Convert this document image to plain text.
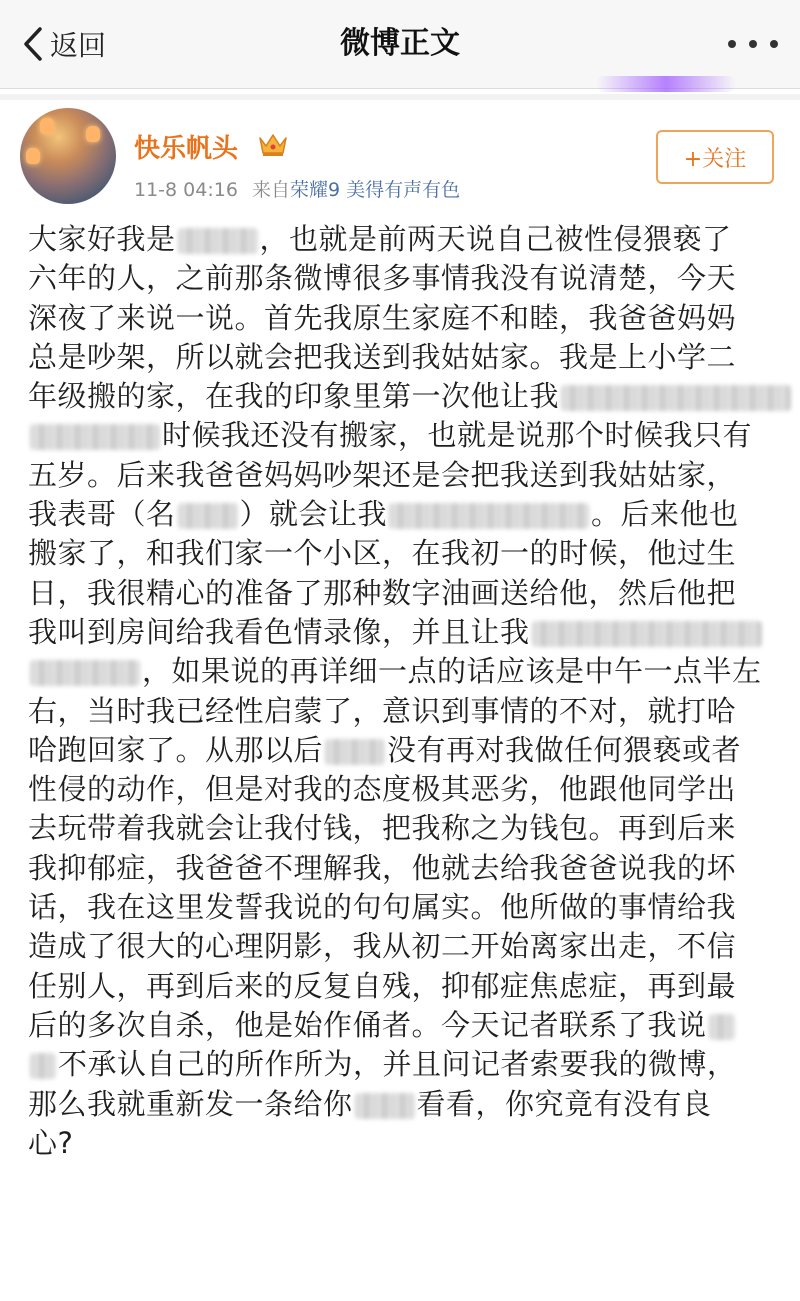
返回	微博正文
快乐帆头
11-8 04:16 来自荣耀9 美得有声有色
+关注
大家好我是	，也就是前两天说自己被性侵猥亵了
六年的人，之前那条微博很多事情我没有说清楚，今天
深夜了来说一说。首先我原生家庭不和睦，我爸爸妈妈
总是吵架，所以就会把我送到我姑姑家。我是上小学二
年级搬的家，在我的印象里第一次他让我
时候我还没有搬家，也就是说那个时候我只有
五岁。后来我爸爸妈妈吵架还是会把我送到我姑姑家，
我表哥（名 ）就会让我	。后来他也
搬家了，和我们家一个小区，在我初一的时候，他过生
日，我很精心的准备了那种数字油画送给他，然后他把
我叫到房间给我看色情录像，并且让我
，如果说的再详细一点的话应该是中午一点半左
右，当时我已经性启蒙了，意识到事情的不对，就打哈
哈跑回家了。从那以后 没有再对我做任何猥亵或者
性侵的动作，但是对我的态度极其恶劣，他跟他同学出
去玩带着我就会让我付钱，把我称之为钱包。再到后来
我抑郁症，我爸爸不理解我，他就去给我爸爸说我的坏
话，我在这里发誓我说的句句属实。他所做的事情给我
造成了很大的心理阴影，我从初二开始离家出走，不信
任别人，再到后来的反复自残，抑郁症焦虑症，再到最
后的多次自杀，他是始作俑者。今天记者联系了我说
不承认自己的所作所为，并且问记者索要我的微博，
那么我就重新发一条给你 看看，你究竟有没有良
心?
